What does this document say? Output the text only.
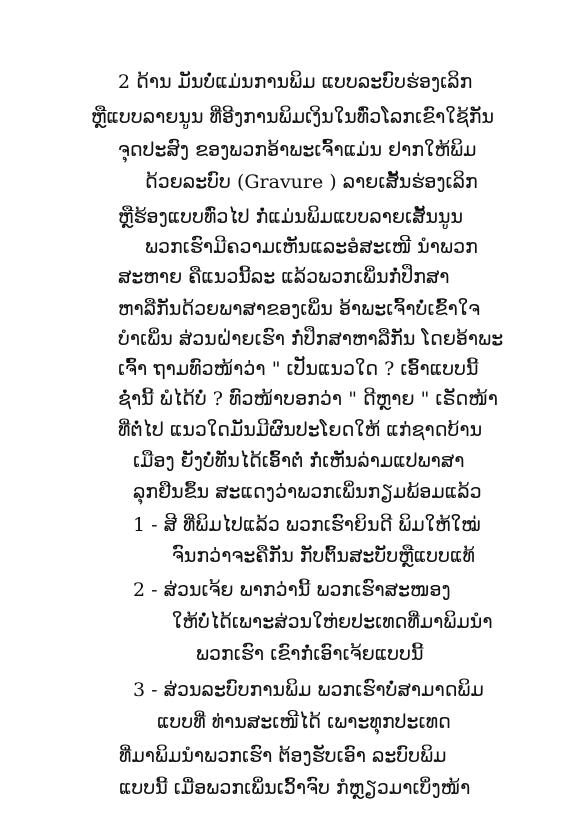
2 ດ້ານ ມັນບໍ່ແມ່ນການພິມ ແບບລະບົບຮ່ອງເລິກ
ຫຼືແບບລາຍນູນ ທີ່ອີງການພິມເງິນໃນທົ່ວໂລກເຂົາໃຊ້ກັນ
ຈຸດປະສົງ ຂອງພວກອ້າພະເຈົ້າແມ່ນ ຢາກໃຫ້ພິມ
ດ້ວຍລະບົບ (Gravure ) ລາຍເສັ້ນຮ່ອງເລິກ
ຫຼືຮ້ອງແບບທົ່ວໄປ ກໍ່ແມ່ນພິມແບບລາຍເສັ້ນນູນ
ພວກເຮົາມີຄວາມເຫັນແລະອໍສະເໜີ ນຳພວກ
ສະຫາຍ ຄືແນວນີ້ລະ ແລ້ວພວກເພິ່ນກໍ່ປຶກສາ
ຫາລືກັນດ້ວຍພາສາຂອງເພິ່ນ ອ້າພະເຈົ້າບໍ່ເຂົ້າໃຈ
ບຳເພິ່ນ ສ່ວນຝ່າຍເຮົາ ກໍ່ປຶກສາຫາລືກັນ ໂດຍອ້າພະ
ເຈົ້າ ຖາມທົວໜ້າວ່າ " ເປັນແນວໃດ ? ເອົ້າແບບນີ້
ຊໍ່ານີ້ ພໍໄດ້ບໍ່ ? ທົວໜ້າບອກວ່າ " ດີຫຼາຍ " ເຣັດໜ້າ
ທີ່ຕໍ່ໄປ ແນວໃດມັນມີຜົນປະໂຍດໃຫ້ ແກ່ຊາດບ້ານ
ເມືອງ ຍັງບໍ່ທັນໄດ້ເອົ້າຕໍ່ ກໍ່ເຫັນລ່າມແປພາສາ
ລຸກຢືນຂຶ້ນ ສະແດງວ່າພວກເພິ່ນກຽມພ້ອມແລ້ວ
1 - ສີ ທີ່ພິມໄປແລ້ວ ພວກເຮົາຍິນດີ ພິມໃຫ້ໃໝ່
ຈົນກວ່າຈະຄືກັນ ກັບຕົ້ນສະບັບຫຼືແບບແທ້
2 - ສ່ວນເຈ້ຍ ພາກວ່ານີ້ ພວກເຮົາສະໜອງ
ໃຫ້ບໍ່ໄດ້ເພາະສ່ວນໃຫ່ຍປະເທດທີ່ມາພິມນຳ
ພວກເຮົາ ເຂົາກໍ່ເອົາເຈ້ຍແບບນີ້
3 - ສ່ວນລະບົບການພິມ ພວກເຮົາບໍ່ສາມາດພິມ
ແບບທີ່ ທ່ານສະເໜີໄດ້ ເພາະທຸກປະເທດ
ທີ່ມາພິມນຳພວກເຮົາ ຕ້ອງຮັບເອົາ ລະບົບພິມ
ແບບນີ້ ເມື່ອພວກເພິ່ນເວົ້າຈົບ ກໍຫຼຽວມາເບິ່ງໜ້າ
